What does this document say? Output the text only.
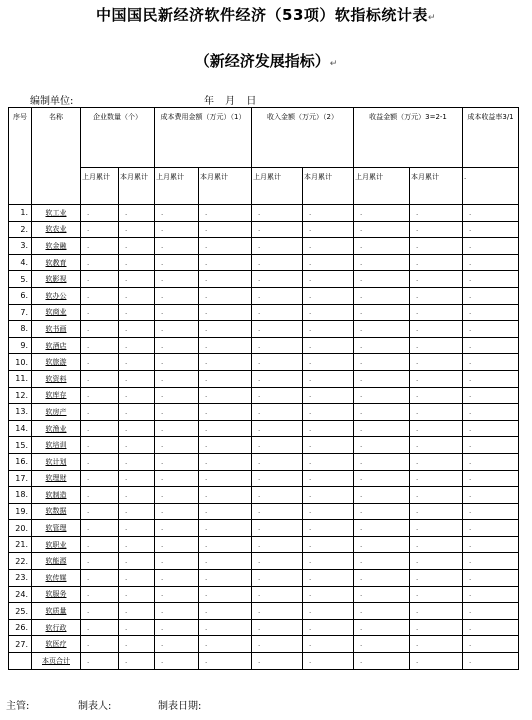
中国国民新经济软件经济（53项）软指标统计表↵
（新经济发展指标）↵
编制单位:	年 月 日
序号	名称	企业数量（个）		成本费用金额（万元）（1）		收入金额（万元）（2）		收益金额（万元）3=2-1		成本收益率3/1
		上月累计	本月累计	上月累计	本月累计	上月累计	本月累计	上月累计	本月累计	.
1.	软工业	.	.	.	.	.	.	.	.	.
2.	软农业	.	.	.	.	.	.	.	.	.
3.	软金融	.	.	.	.	.	.	.	.	.
4.	软教育	.	.	.	.	.	.	.	.	.
5.	软影视	.	.	.	.	.	.	.	.	.
6.	软办公	.	.	.	.	.	.	.	.	.
7.	软商业	.	.	.	.	.	.	.	.	.
8.	软书画	.	.	.	.	.	.	.	.	.
9.	软酒店	.	.	.	.	.	.	.	.	.
10.	软旅游	.	.	.	.	.	.	.	.	.
11.	软资料	.	.	.	.	.	.	.	.	.
12.	软库存	.	.	.	.	.	.	.	.	.
13.	软房产	.	.	.	.	.	.	.	.	.
14.	软渔业	.	.	.	.	.	.	.	.	.
15.	软培训	.	.	.	.	.	.	.	.	.
16.	软计划	.	.	.	.	.	.	.	.	.
17.	软理财	.	.	.	.	.	.	.	.	.
18.	软制造	.	.	.	.	.	.	.	.	.
19.	软数据	.	.	.	.	.	.	.	.	.
20.	软管理	.	.	.	.	.	.	.	.	.
21.	软职业	.	.	.	.	.	.	.	.	.
22.	软能源	.	.	.	.	.	.	.	.	.
23.	软传媒	.	.	.	.	.	.	.	.	.
24.	软服务	.	.	.	.	.	.	.	.	.
25.	软质量	.	.	.	.	.	.	.	.	.
26.	软行政	.	.	.	.	.	.	.	.	.
27.	软医疗	.	.	.	.	.	.	.	.	.
	本页合计	.	.	.	.	.	.	.	.	.
主管:	制表人:	制表日期:
